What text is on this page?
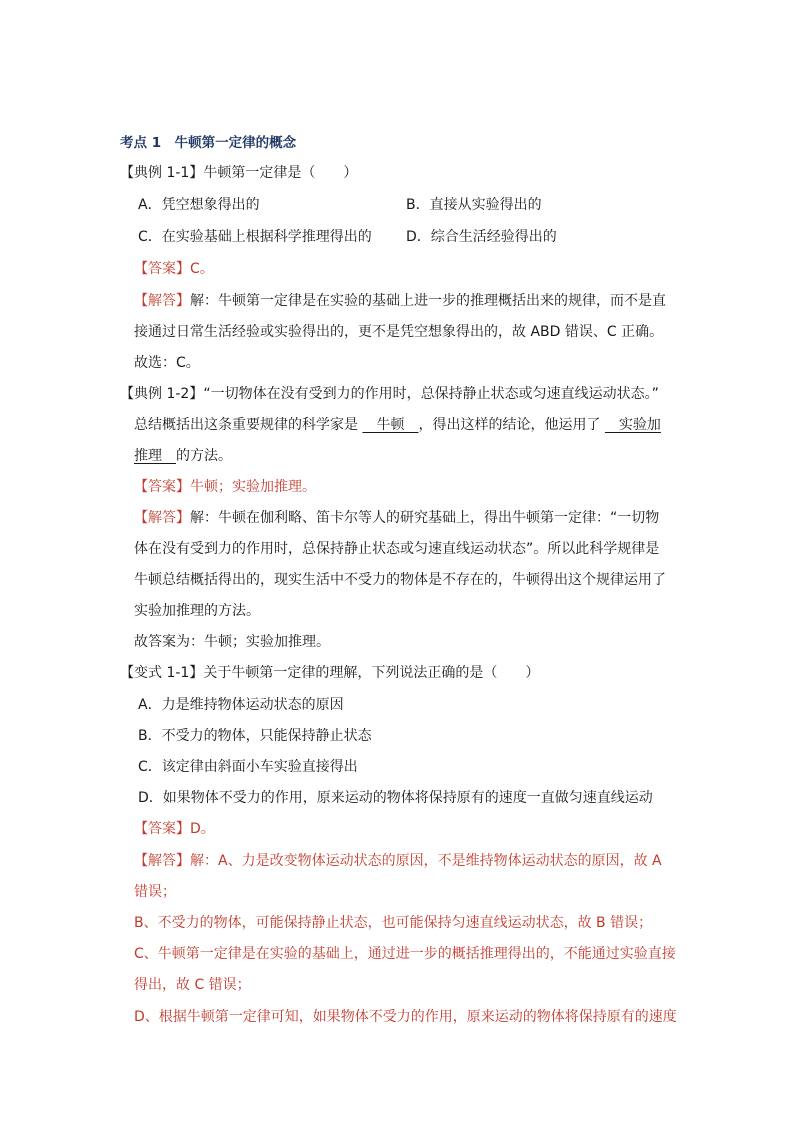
考点 1　牛顿第一定律的概念
【典例 1-1】牛顿第一定律是（　　）
A．凭空想象得出的	B．直接从实验得出的
C．在实验基础上根据科学推理得出的 D．综合生活经验得出的
【答案】C。
【解答】解：牛顿第一定律是在实验的基础上进一步的推理概括出来的规律，而不是直
接通过日常生活经验或实验得出的，更不是凭空想象得出的，故 ABD 错误、C 正确。
故选：C。
【典例 1-2】“一切物体在没有受到力的作用时，总保持静止状态或匀速直线运动状态。”
总结概括出这条重要规律的科学家是 　牛顿　，得出这样的结论，他运用了 　实验加
推理　的方法。
【答案】牛顿；实验加推理。
【解答】解：牛顿在伽利略、笛卡尔等人的研究基础上，得出牛顿第一定律：“一切物
体在没有受到力的作用时，总保持静止状态或匀速直线运动状态”。所以此科学规律是
牛顿总结概括得出的，现实生活中不受力的物体是不存在的，牛顿得出这个规律运用了
实验加推理的方法。
故答案为：牛顿；实验加推理。
【变式 1-1】关于牛顿第一定律的理解，下列说法正确的是（　　）
A．力是维持物体运动状态的原因
B．不受力的物体，只能保持静止状态
C．该定律由斜面小车实验直接得出
D．如果物体不受力的作用，原来运动的物体将保持原有的速度一直做匀速直线运动
【答案】D。
【解答】解：A、力是改变物体运动状态的原因，不是维持物体运动状态的原因，故 A
错误；
B、不受力的物体，可能保持静止状态，也可能保持匀速直线运动状态，故 B 错误；
C、牛顿第一定律是在实验的基础上，通过进一步的概括推理得出的，不能通过实验直接
得出，故 C 错误；
D、根据牛顿第一定律可知，如果物体不受力的作用，原来运动的物体将保持原有的速度
